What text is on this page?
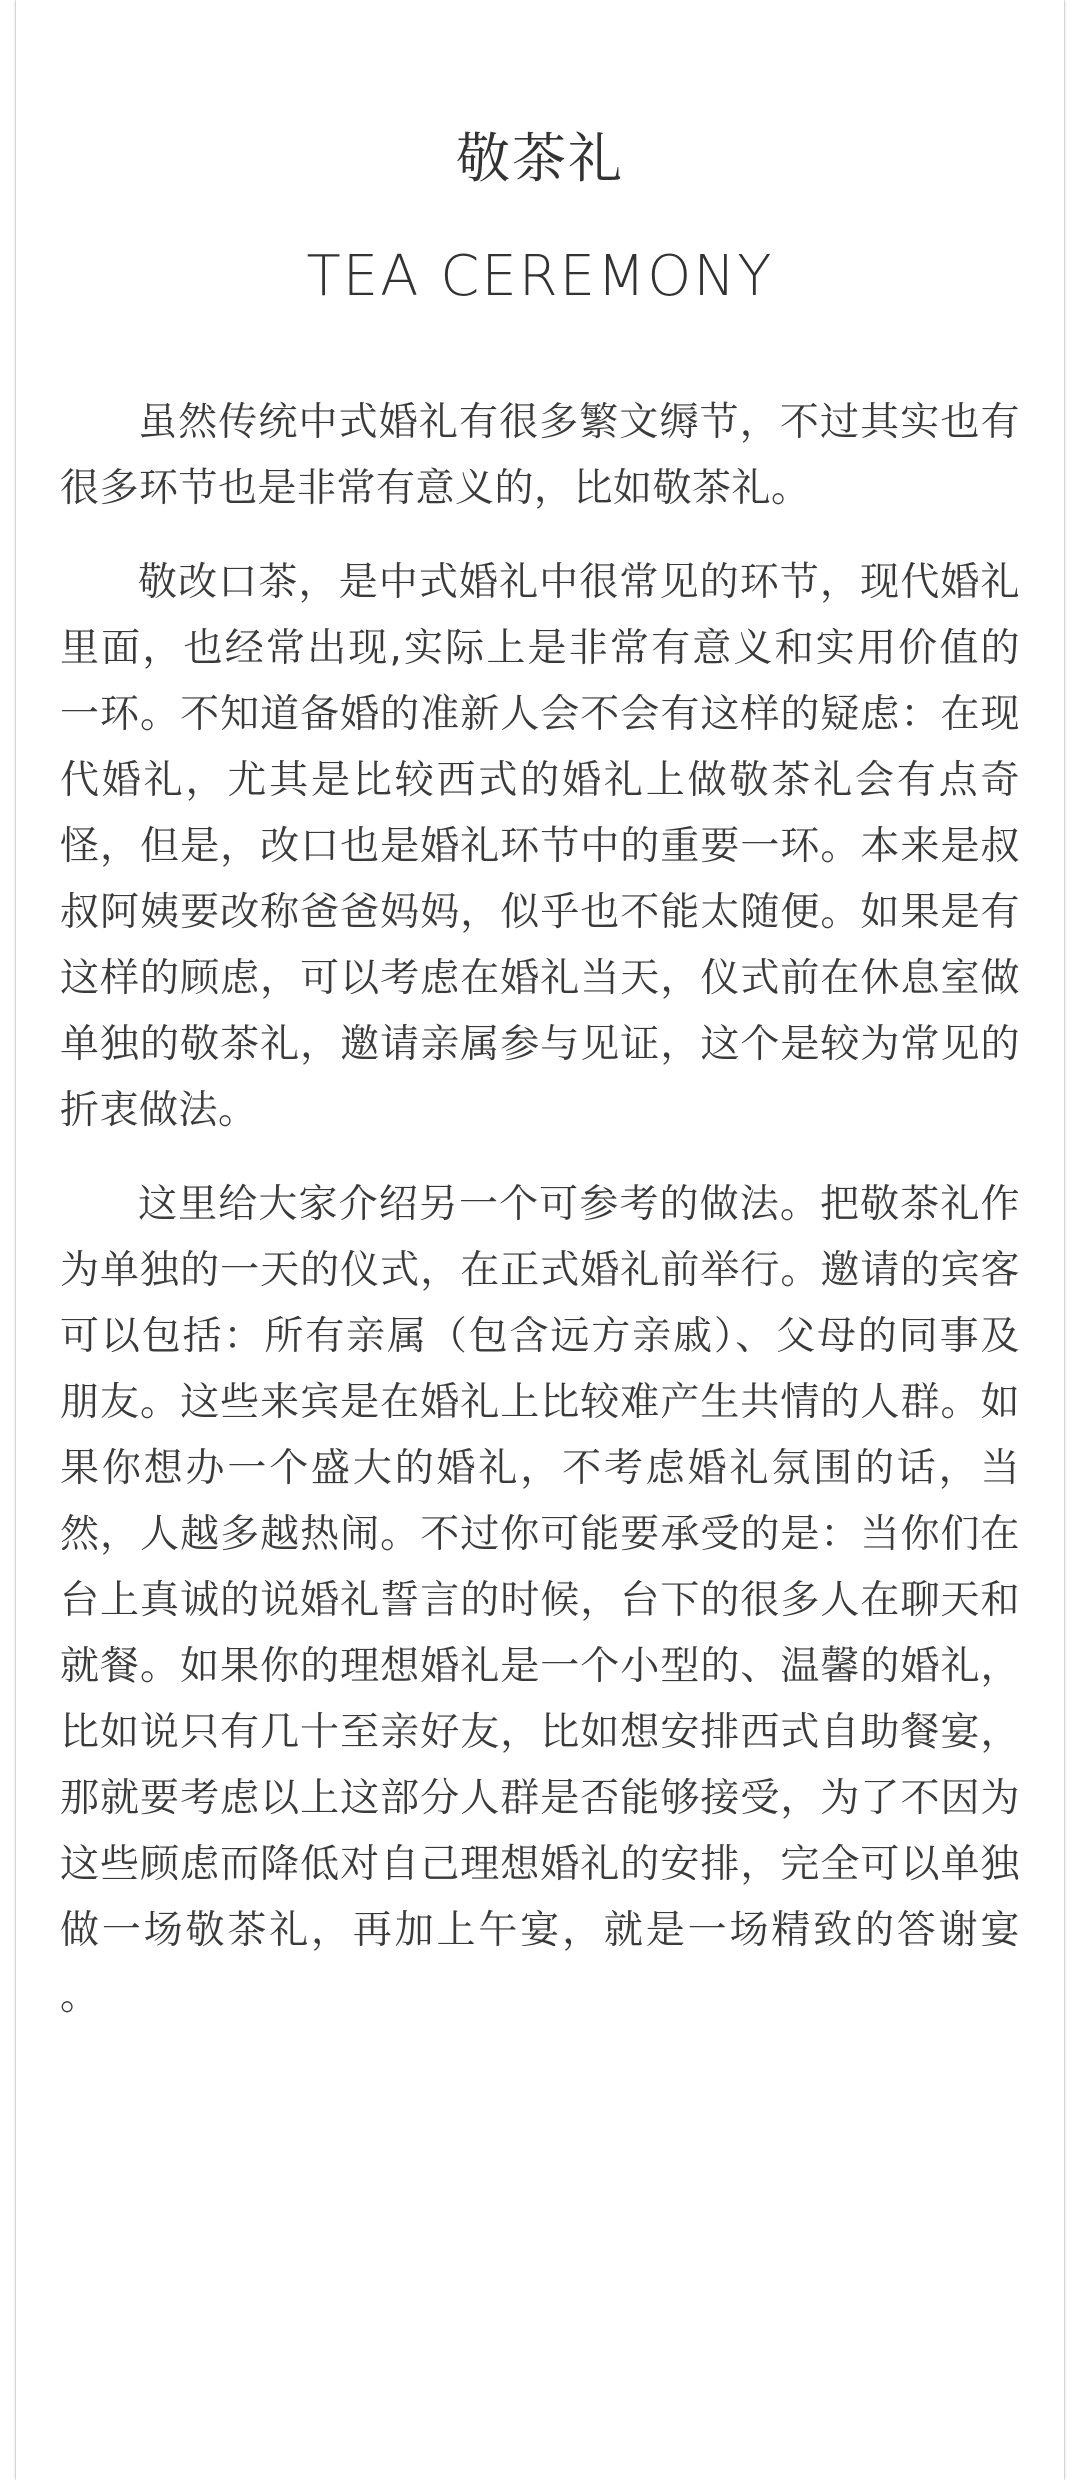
敬茶礼
TEA CEREMONY

虽然传统中式婚礼有很多繁文缛节，不过其实也有很多环节也是非常有意义的，比如敬茶礼。

敬改口茶，是中式婚礼中很常见的环节，现代婚礼里面，也经常出现,实际上是非常有意义和实用价值的一环。不知道备婚的准新人会不会有这样的疑虑：在现代婚礼，尤其是比较西式的婚礼上做敬茶礼会有点奇怪，但是，改口也是婚礼环节中的重要一环。本来是叔叔阿姨要改称爸爸妈妈，似乎也不能太随便。如果是有这样的顾虑，可以考虑在婚礼当天，仪式前在休息室做单独的敬茶礼，邀请亲属参与见证，这个是较为常见的折衷做法。

这里给大家介绍另一个可参考的做法。把敬茶礼作为单独的一天的仪式，在正式婚礼前举行。邀请的宾客可以包括：所有亲属（包含远方亲戚）、父母的同事及朋友。这些来宾是在婚礼上比较难产生共情的人群。如果你想办一个盛大的婚礼，不考虑婚礼氛围的话，当然，人越多越热闹。不过你可能要承受的是：当你们在台上真诚的说婚礼誓言的时候，台下的很多人在聊天和就餐。如果你的理想婚礼是一个小型的、温馨的婚礼，比如说只有几十至亲好友，比如想安排西式自助餐宴，那就要考虑以上这部分人群是否能够接受，为了不因为这些顾虑而降低对自己理想婚礼的安排，完全可以单独做一场敬茶礼，再加上午宴，就是一场精致的答谢宴 。
